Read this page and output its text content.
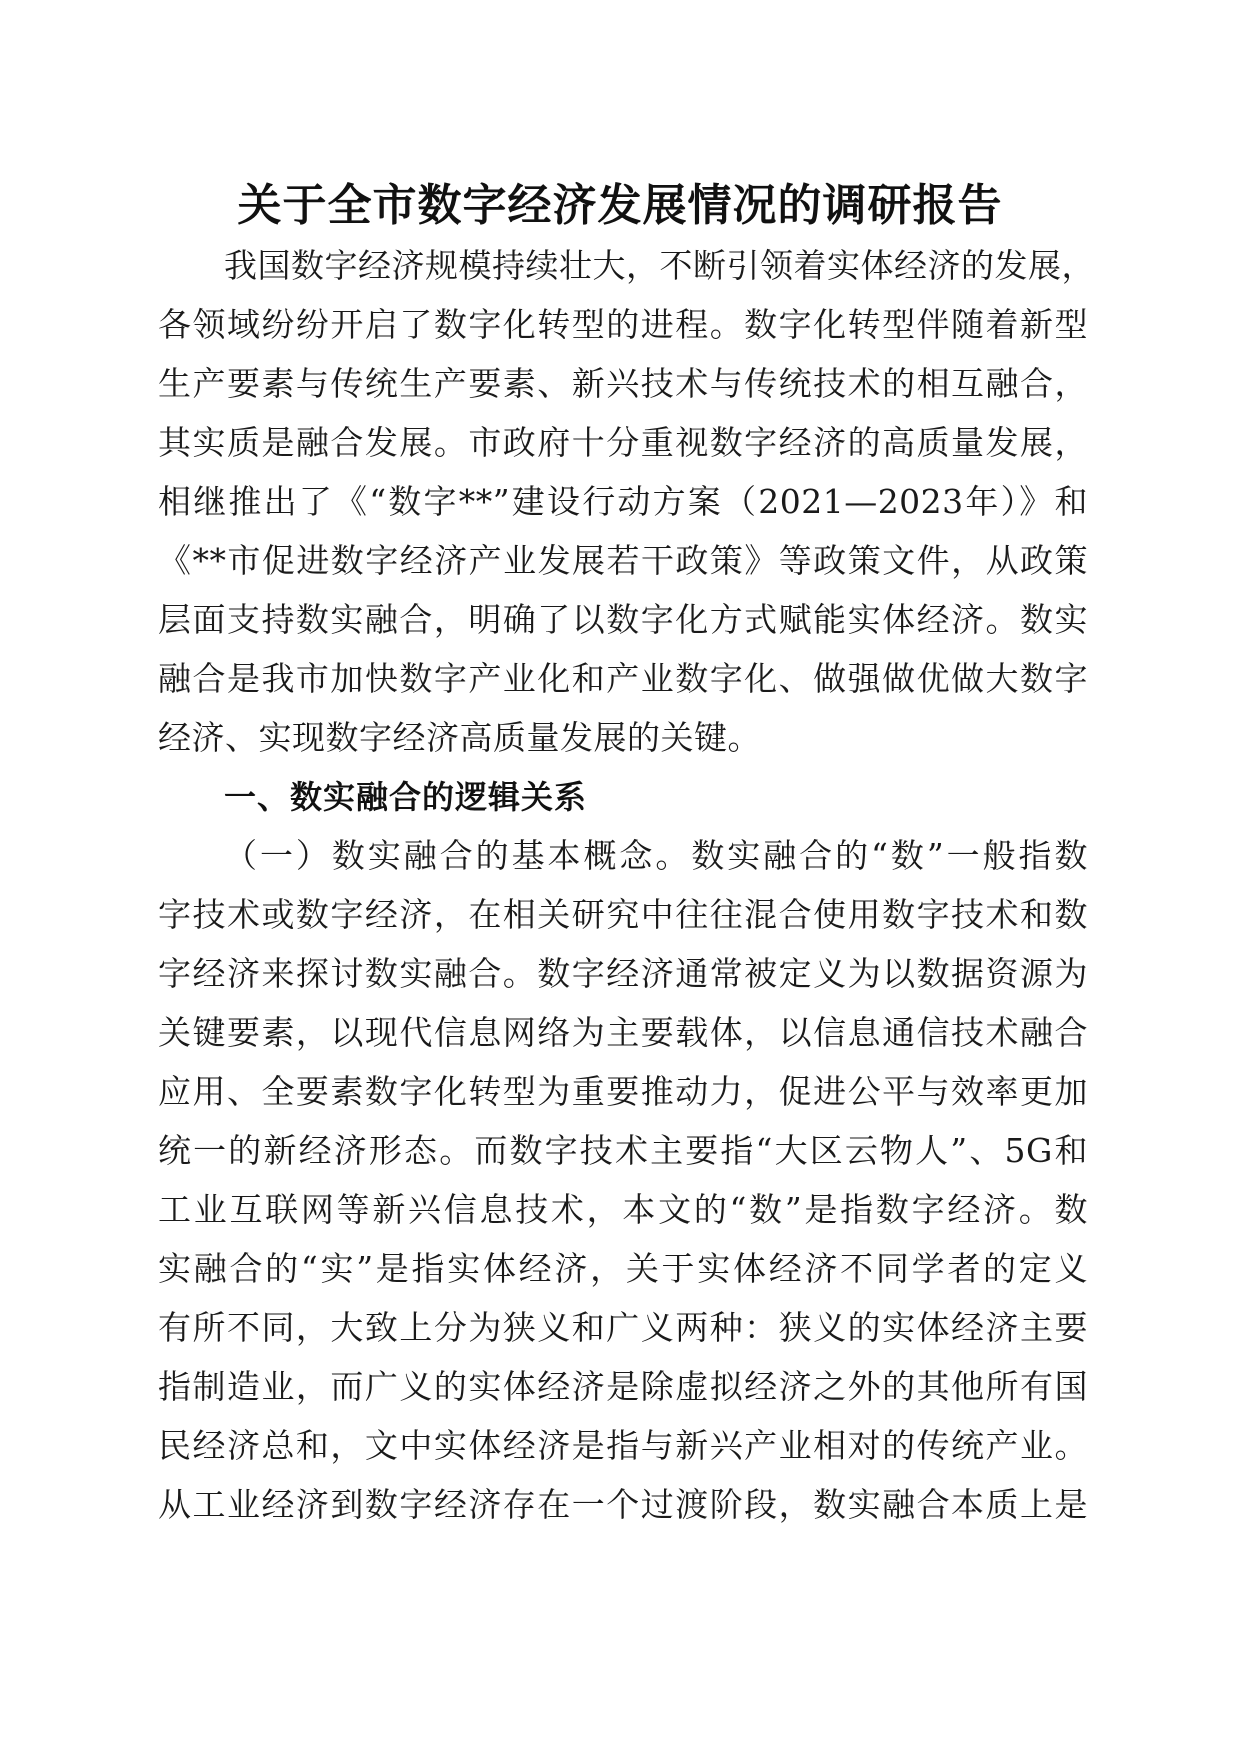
关于全市数字经济发展情况的调研报告
我国数字经济规模持续壮大，不断引领着实体经济的发展，
各领域纷纷开启了数字化转型的进程。数字化转型伴随着新型
生产要素与传统生产要素、新兴技术与传统技术的相互融合，
其实质是融合发展。市政府十分重视数字经济的高质量发展，
相继推出了《“数字**”建设行动方案（2021—2023年）》和
《**市促进数字经济产业发展若干政策》等政策文件，从政策
层面支持数实融合，明确了以数字化方式赋能实体经济。数实
融合是我市加快数字产业化和产业数字化、做强做优做大数字
经济、实现数字经济高质量发展的关键。
一、数实融合的逻辑关系
（一）数实融合的基本概念。数实融合的“数”一般指数
字技术或数字经济，在相关研究中往往混合使用数字技术和数
字经济来探讨数实融合。数字经济通常被定义为以数据资源为
关键要素，以现代信息网络为主要载体，以信息通信技术融合
应用、全要素数字化转型为重要推动力，促进公平与效率更加
统一的新经济形态。而数字技术主要指“大区云物人”、5G和
工业互联网等新兴信息技术，本文的“数”是指数字经济。数
实融合的“实”是指实体经济，关于实体经济不同学者的定义
有所不同，大致上分为狭义和广义两种：狭义的实体经济主要
指制造业，而广义的实体经济是除虚拟经济之外的其他所有国
民经济总和，文中实体经济是指与新兴产业相对的传统产业。
从工业经济到数字经济存在一个过渡阶段，数实融合本质上是
